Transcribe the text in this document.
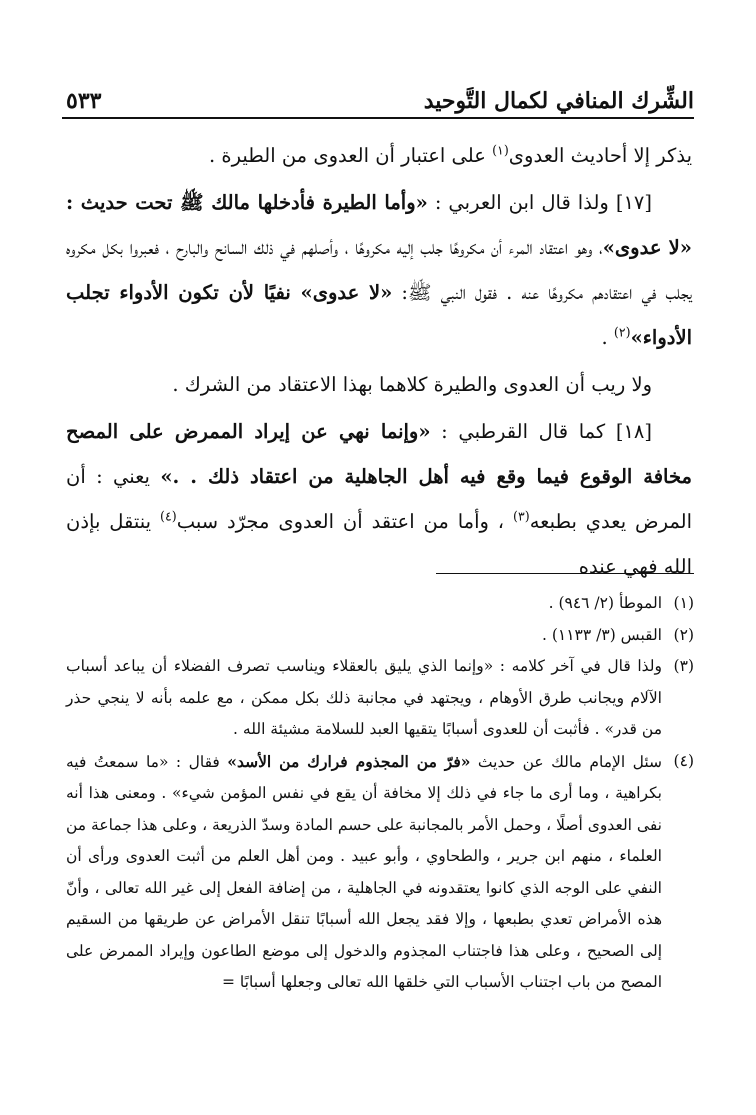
الشِّرك المنافي لكمال التَّوحيد
٥٣٣

يذكر إلا أحاديث العدوى$^{(١)}$ على اعتبار أن العدوى من الطيرة .

[١٧] ولذا قال ابن العربي : «وأما الطيرة فأدخلها مالك ﷺ تحت حديث : «لا عدوى»، وهو اعتقاد المرء أن مكروهًا جلب إليه مكروهًا ، وأصلهم في ذلك السانح والبارح ، فعبروا بكل مكروه يجلب في اعتقادهم مكروهًا عنه . فقول النبي ﷺ: «لا عدوى» نفيًا لأن تكون الأدواء تجلب الأدواء»$^{(٢)}$ .

ولا ريب أن العدوى والطيرة كلاهما بهذا الاعتقاد من الشرك .

[١٨] كما قال القرطبي : «وإنما نهي عن إيراد الممرض على المصح مخافة الوقوع فيما وقع فيه أهل الجاهلية من اعتقاد ذلك . .» يعني : أن المرض يعدي بطبعه$^{(٣)}$ ، وأما من اعتقد أن العدوى مجرّد سبب$^{(٤)}$ ينتقل بإذن الله فهي عنده

(١)
الموطأ (٢/ ٩٤٦) .

(٢)
القبس (٣/ ١١٣٣) .

(٣)
ولذا قال في آخر كلامه : «وإنما الذي يليق بالعقلاء ويناسب تصرف الفضلاء أن يباعد أسباب الآلام ويجانب طرق الأوهام ، ويجتهد في مجانبة ذلك بكل ممكن ، مع علمه بأنه لا ينجي حذر من قدر» . فأثبت أن للعدوى أسبابًا يتقيها العبد للسلامة مشيئة الله .

(٤)
سئل الإمام مالك عن حديث «فرّ من المجذوم فرارك من الأسد» فقال : «ما سمعتُ فيه بكراهية ، وما أرى ما جاء في ذلك إلا مخافة أن يقع في نفس المؤمن شيء» . ومعنى هذا أنه نفى العدوى أصلًا ، وحمل الأمر بالمجانبة على حسم المادة وسدّ الذريعة ، وعلى هذا جماعة من العلماء ، منهم ابن جرير ، والطحاوي ، وأبو عبيد . ومن أهل العلم من أثبت العدوى ورأى أن النفي على الوجه الذي كانوا يعتقدونه في الجاهلية ، من إضافة الفعل إلى غير الله تعالى ، وأنّ هذه الأمراض تعدي بطبعها ، وإلا فقد يجعل الله أسبابًا تنقل الأمراض عن طريقها من السقيم إلى الصحيح ، وعلى هذا فاجتناب المجذوم والدخول إلى موضع الطاعون وإيراد الممرض على المصح من باب اجتناب الأسباب التي خلقها الله تعالى وجعلها أسبابًا =
